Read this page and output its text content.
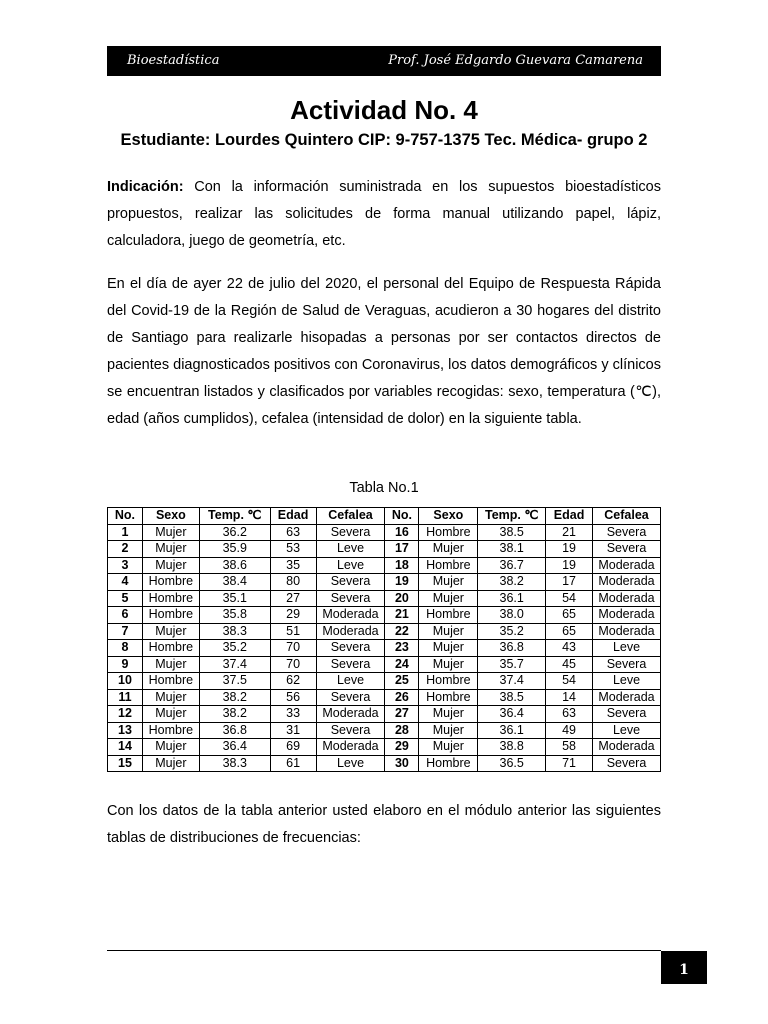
Bioestadística	Prof. José Edgardo Guevara Camarena
Actividad No. 4
Estudiante: Lourdes Quintero CIP: 9-757-1375 Tec. Médica- grupo 2
Indicación: Con la información suministrada en los supuestos bioestadísticos propuestos, realizar las solicitudes de forma manual utilizando papel, lápiz, calculadora, juego de geometría, etc.
En el día de ayer 22 de julio del 2020, el personal del Equipo de Respuesta Rápida del Covid-19 de la Región de Salud de Veraguas, acudieron a 30 hogares del distrito de Santiago para realizarle hisopadas a personas por ser contactos directos de pacientes diagnosticados positivos con Coronavirus, los datos demográficos y clínicos se encuentran listados y clasificados por variables recogidas: sexo, temperatura (℃), edad (años cumplidos), cefalea (intensidad de dolor) en la siguiente tabla.
Tabla No.1
No.	Sexo	Temp. ℃	Edad	Cefalea	No.	Sexo	Temp. ℃	Edad	Cefalea
1	Mujer	36.2	63	Severa	16	Hombre	38.5	21	Severa
2	Mujer	35.9	53	Leve	17	Mujer	38.1	19	Severa
3	Mujer	38.6	35	Leve	18	Hombre	36.7	19	Moderada
4	Hombre	38.4	80	Severa	19	Mujer	38.2	17	Moderada
5	Hombre	35.1	27	Severa	20	Mujer	36.1	54	Moderada
6	Hombre	35.8	29	Moderada	21	Hombre	38.0	65	Moderada
7	Mujer	38.3	51	Moderada	22	Mujer	35.2	65	Moderada
8	Hombre	35.2	70	Severa	23	Mujer	36.8	43	Leve
9	Mujer	37.4	70	Severa	24	Mujer	35.7	45	Severa
10	Hombre	37.5	62	Leve	25	Hombre	37.4	54	Leve
11	Mujer	38.2	56	Severa	26	Hombre	38.5	14	Moderada
12	Mujer	38.2	33	Moderada	27	Mujer	36.4	63	Severa
13	Hombre	36.8	31	Severa	28	Mujer	36.1	49	Leve
14	Mujer	36.4	69	Moderada	29	Mujer	38.8	58	Moderada
15	Mujer	38.3	61	Leve	30	Hombre	36.5	71	Severa
Con los datos de la tabla anterior usted elaboro en el módulo anterior las siguientes tablas de distribuciones de frecuencias:
1
